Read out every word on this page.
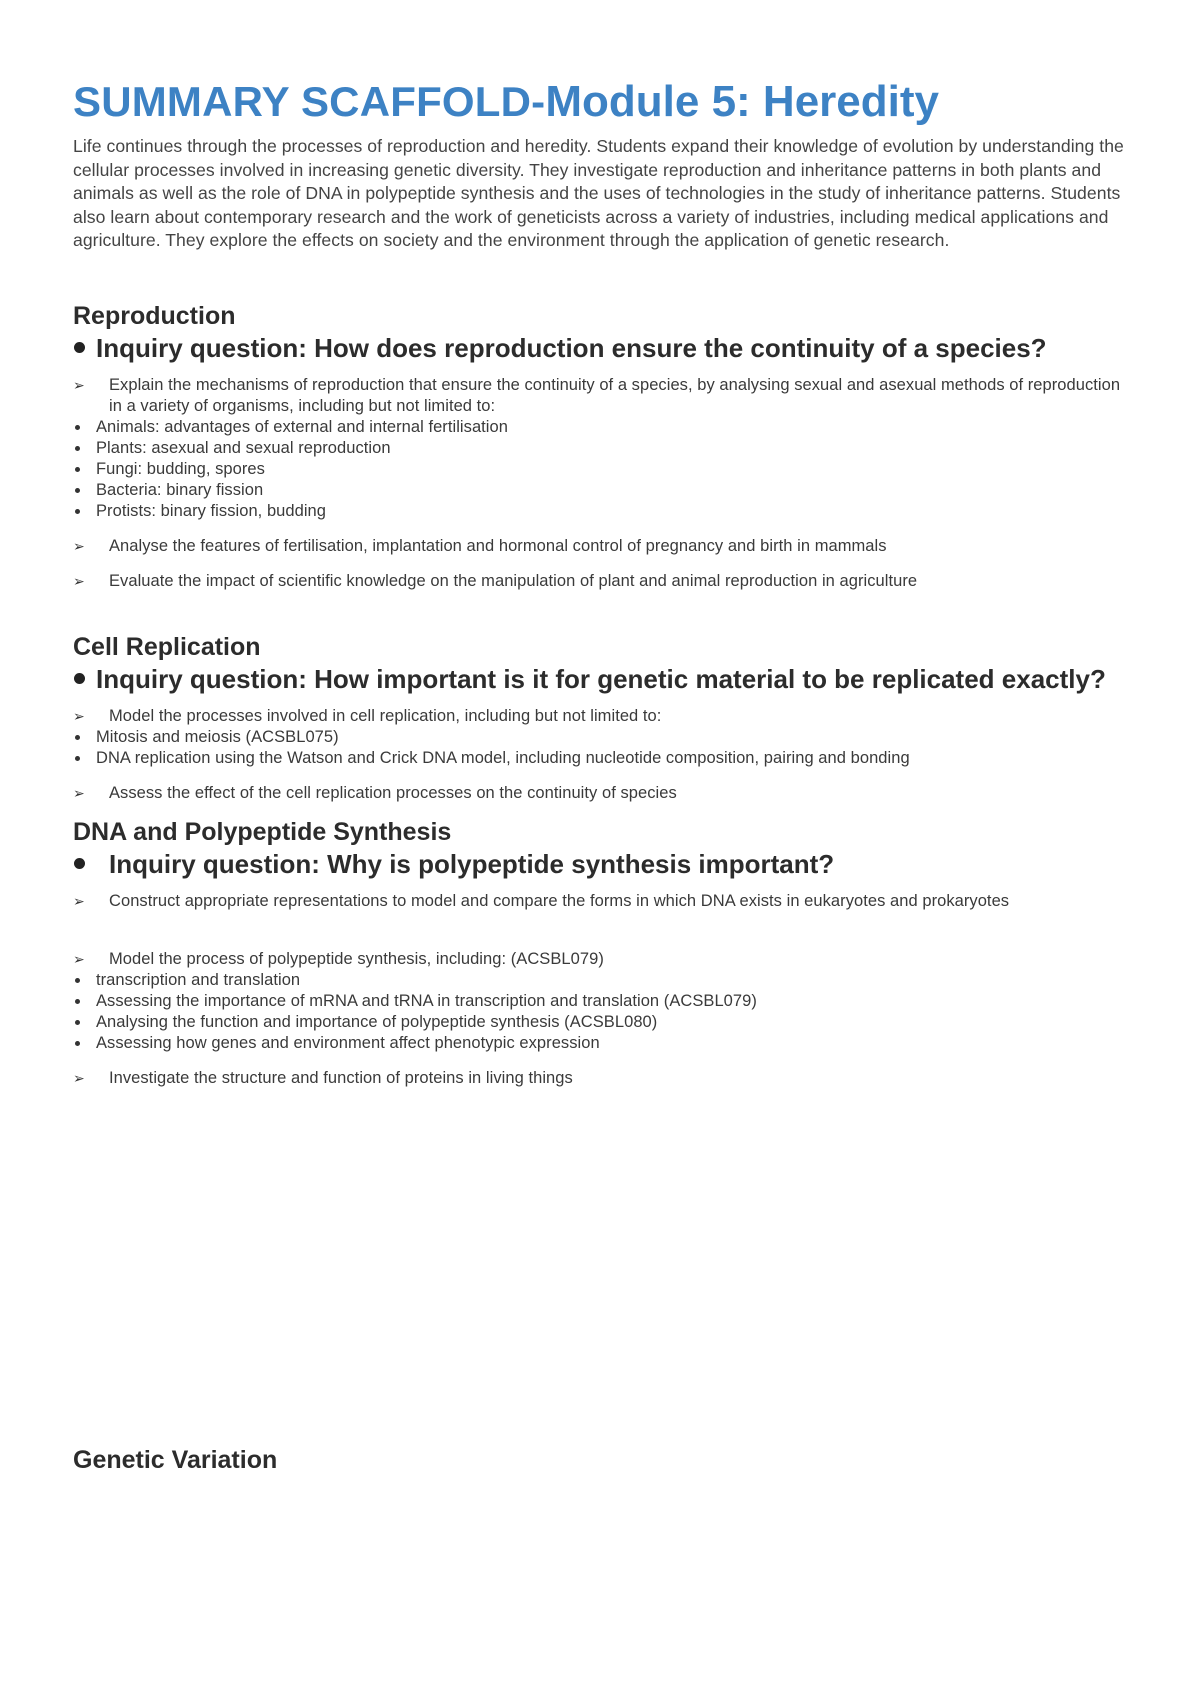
SUMMARY SCAFFOLD-Module 5: Heredity

Life continues through the processes of reproduction and heredity. Students expand their knowledge of evolution by understanding the cellular processes involved in increasing genetic diversity. They investigate reproduction and inheritance patterns in both plants and animals as well as the role of DNA in polypeptide synthesis and the uses of technologies in the study of inheritance patterns. Students also learn about contemporary research and the work of geneticists across a variety of industries, including medical applications and agriculture. They explore the effects on society and the environment through the application of genetic research.

Reproduction
Inquiry question: How does reproduction ensure the continuity of a species?
➢ Explain the mechanisms of reproduction that ensure the continuity of a species, by analysing sexual and asexual methods of reproduction in a variety of organisms, including but not limited to:
Animals: advantages of external and internal fertilisation
Plants: asexual and sexual reproduction
Fungi: budding, spores
Bacteria: binary fission
Protists: binary fission, budding
➢ Analyse the features of fertilisation, implantation and hormonal control of pregnancy and birth in mammals
➢ Evaluate the impact of scientific knowledge on the manipulation of plant and animal reproduction in agriculture
Cell Replication
Inquiry question: How important is it for genetic material to be replicated exactly?
➢ Model the processes involved in cell replication, including but not limited to:
Mitosis and meiosis (ACSBL075)
DNA replication using the Watson and Crick DNA model, including nucleotide composition, pairing and bonding
➢ Assess the effect of the cell replication processes on the continuity of species
DNA and Polypeptide Synthesis
Inquiry question: Why is polypeptide synthesis important?
➢ Construct appropriate representations to model and compare the forms in which DNA exists in eukaryotes and prokaryotes
➢ Model the process of polypeptide synthesis, including: (ACSBL079)
transcription and translation
Assessing the importance of mRNA and tRNA in transcription and translation (ACSBL079)
Analysing the function and importance of polypeptide synthesis (ACSBL080)
Assessing how genes and environment affect phenotypic expression
➢ Investigate the structure and function of proteins in living things
Genetic Variation
